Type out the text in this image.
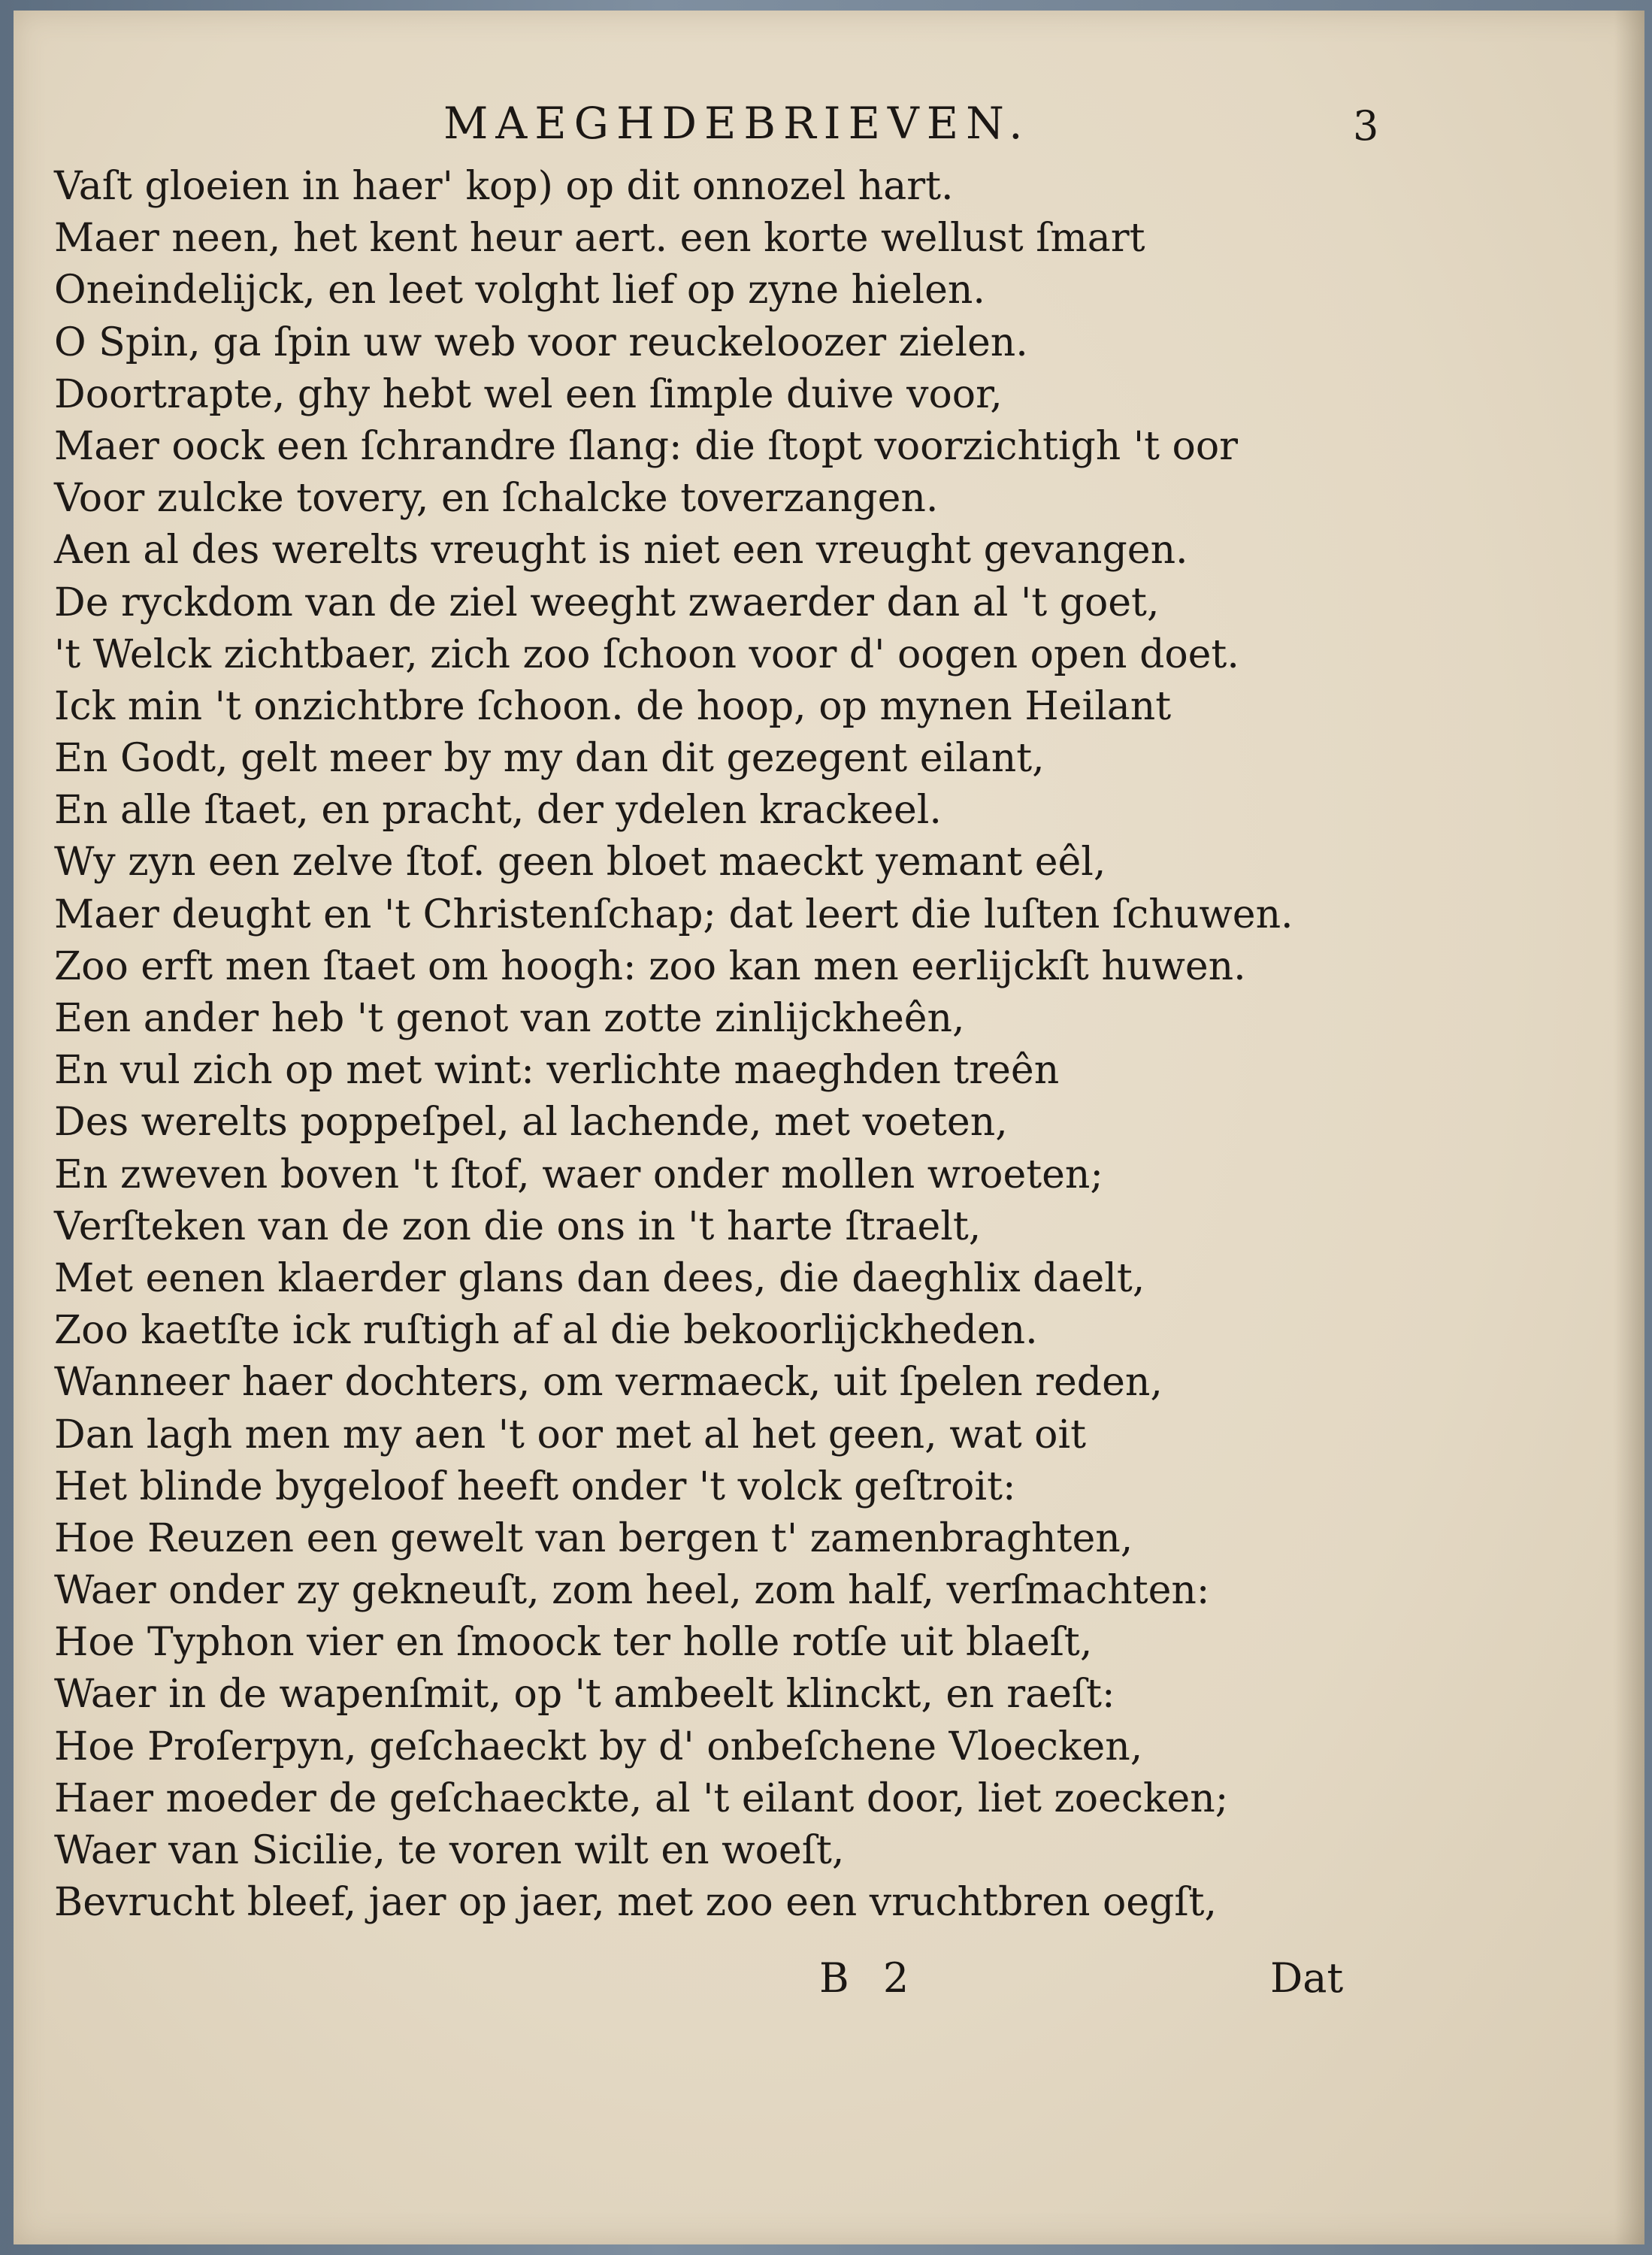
MAEGHDEBRIEVEN.	3
Vaſt gloeien in haer' kop) op dit onnozel hart.
Maer neen, het kent heur aert. een korte wellust ſmart
Oneindelijck, en leet volght lief op zyne hielen.
O Spin, ga ſpin uw web voor reuckeloozer zielen.
Doortrapte, ghy hebt wel een ſimple duive voor,
Maer oock een ſchrandre ſlang: die ſtopt voorzichtigh 't oor
Voor zulcke tovery, en ſchalcke toverzangen.
Aen al des werelts vreught is niet een vreught gevangen.
De ryckdom van de ziel weeght zwaerder dan al 't goet,
't Welck zichtbaer, zich zoo ſchoon voor d' oogen open doet.
Ick min 't onzichtbre ſchoon. de hoop, op mynen Heilant
En Godt, gelt meer by my dan dit gezegent eilant,
En alle ſtaet, en pracht, der ydelen krackeel.
Wy zyn een zelve ſtof. geen bloet maeckt yemant eêl,
Maer deught en 't Christenſchap; dat leert die luſten ſchuwen.
Zoo erft men ſtaet om hoogh: zoo kan men eerlijckſt huwen.
Een ander heb 't genot van zotte zinlijckheên,
En vul zich op met wint: verlichte maeghden treên
Des werelts poppeſpel, al lachende, met voeten,
En zweven boven 't ſtof, waer onder mollen wroeten;
Verſteken van de zon die ons in 't harte ſtraelt,
Met eenen klaerder glans dan dees, die daeghlix daelt,
Zoo kaetſte ick ruſtigh af al die bekoorlijckheden.
Wanneer haer dochters, om vermaeck, uit ſpelen reden,
Dan lagh men my aen 't oor met al het geen, wat oit
Het blinde bygeloof heeft onder 't volck geſtroit:
Hoe Reuzen een gewelt van bergen t' zamenbraghten,
Waer onder zy gekneuſt, zom heel, zom half, verſmachten:
Hoe Typhon vier en ſmoock ter holle rotſe uit blaeſt,
Waer in de wapenſmit, op 't ambeelt klinckt, en raeſt:
Hoe Proſerpyn, geſchaeckt by d' onbeſchene Vloecken,
Haer moeder de geſchaeckte, al 't eilant door, liet zoecken;
Waer van Sicilie, te voren wilt en woeſt,
Bevrucht bleef, jaer op jaer, met zoo een vruchtbren oegſt,
B 2	Dat
